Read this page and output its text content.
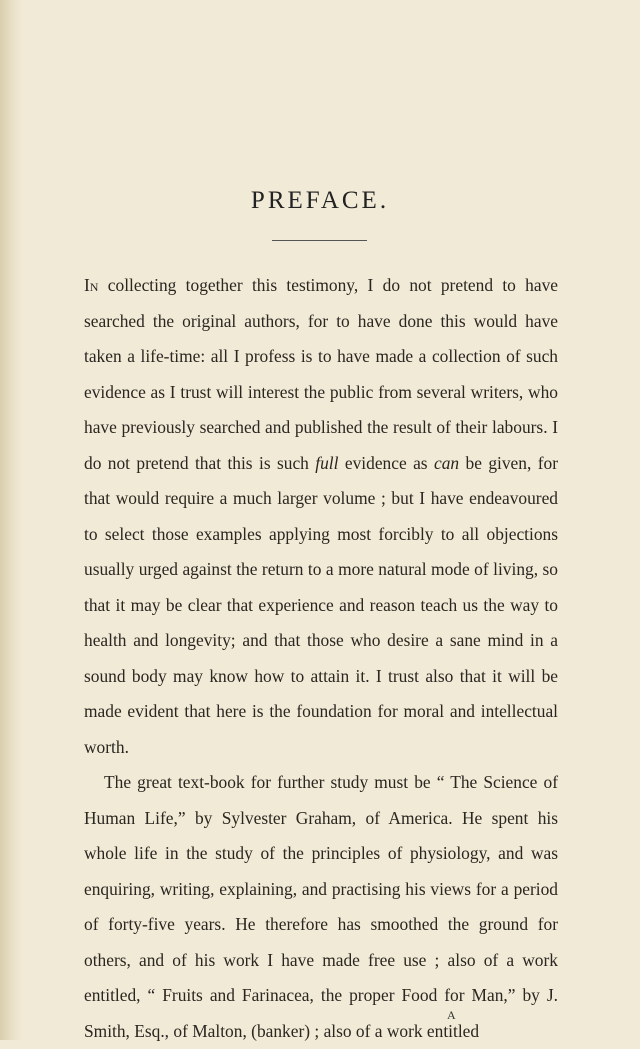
PREFACE.

In collecting together this testimony, I do not pretend to have searched the original authors, for to have done this would have taken a life-time: all I profess is to have made a collection of such evidence as I trust will interest the public from several writers, who have previously searched and published the result of their labours. I do not pretend that this is such full evidence as can be given, for that would require a much larger volume ; but I have endeavoured to select those examples applying most forcibly to all objections usually urged against the return to a more natural mode of living, so that it may be clear that experience and reason teach us the way to health and longevity; and that those who desire a sane mind in a sound body may know how to attain it. I trust also that it will be made evident that here is the foundation for moral and intellectual worth.

The great text-book for further study must be “ The Science of Human Life,” by Sylvester Graham, of America. He spent his whole life in the study of the principles of physiology, and was enquiring, writing, explaining, and practising his views for a period of forty-five years. He therefore has smoothed the ground for others, and of his work I have made free use ; also of a work entitled, “ Fruits and Farinacea, the proper Food for Man,” by J. Smith, Esq., of Malton, (banker) ; also of a work entitled

A
